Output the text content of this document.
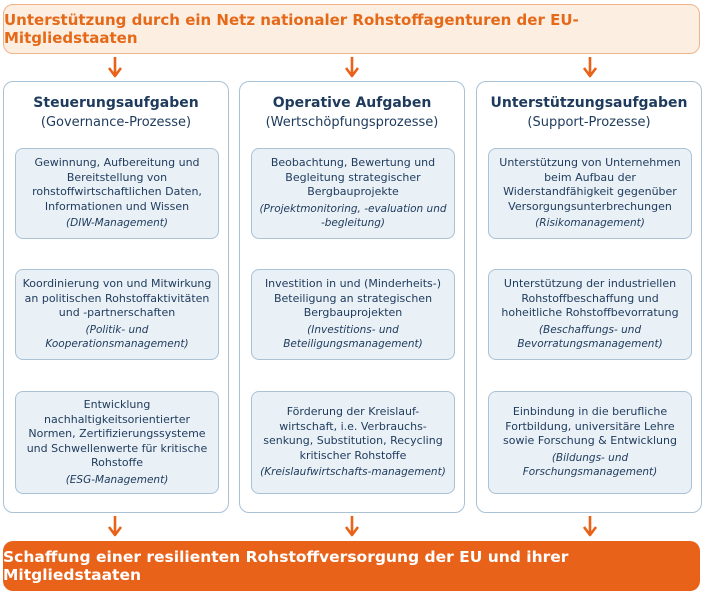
Unterstützung durch ein Netz nationaler Rohstoffagenturen der EU-Mitgliedstaaten
Steuerungsaufgaben
(Governance-Prozesse)
Gewinnung, Aufbereitung und Bereitstellung von rohstoffwirtschaftlichen Daten, Informationen und Wissen
(DIW-Management)
Koordinierung von und Mitwirkung an politischen Rohstoffaktivitäten und -partnerschaften
(Politik- und Kooperationsmanagement)
Entwicklung nachhaltigkeitsorientierter Normen, Zertifizierungssysteme und Schwellenwerte für kritische Rohstoffe
(ESG-Management)
Operative Aufgaben
(Wertschöpfungsprozesse)
Beobachtung, Bewertung und Begleitung strategischer Bergbauprojekte
(Projektmonitoring, -evaluation und -begleitung)
Investition in und (Minderheits-) Beteiligung an strategischen Bergbauprojekten
(Investitions- und Beteiligungsmanagement)
Förderung der Kreislauf-wirtschaft, i.e. Verbrauchs-senkung, Substitution, Recycling kritischer Rohstoffe
(Kreislaufwirtschafts-management)
Unterstützungsaufgaben
(Support-Prozesse)
Unterstützung von Unternehmen beim Aufbau der Widerstandfähigkeit gegenüber Versorgungsunterbrechungen
(Risikomanagement)
Unterstützung der industriellen Rohstoffbeschaffung und hoheitliche Rohstoffbevorratung
(Beschaffungs- und Bevorratungsmanagement)
Einbindung in die berufliche Fortbildung, universitäre Lehre sowie Forschung & Entwicklung
(Bildungs- und Forschungsmanagement)
Schaffung einer resilienten Rohstoffversorgung der EU und ihrer Mitgliedstaaten
